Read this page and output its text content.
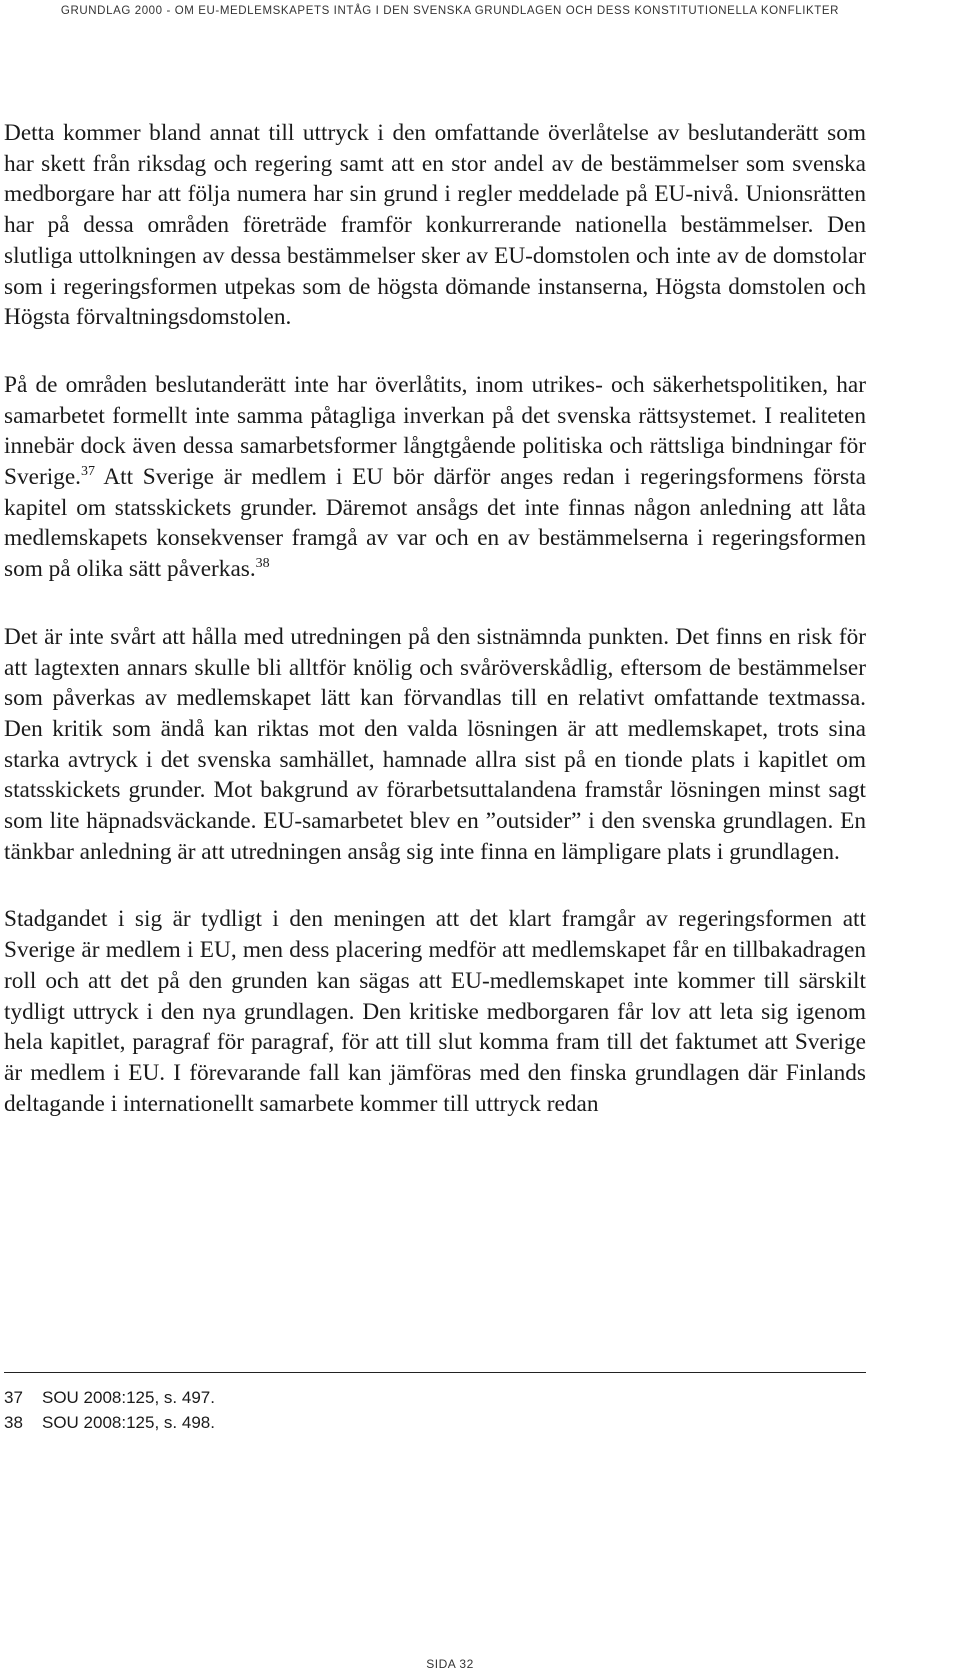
GRUNDLAG 2000 - OM EU-MEDLEMSKAPETS INTÅG I DEN SVENSKA GRUNDLAGEN OCH DESS KONSTITUTIONELLA KONFLIKTER

Detta kommer bland annat till uttryck i den omfattande överlåtelse av beslutanderätt som har skett från riksdag och regering samt att en stor andel av de bestämmelser som svenska medborgare har att följa numera har sin grund i regler meddelade på EU-nivå. Unionsrätten har på dessa områden företräde framför konkurrerande nationella bestämmelser. Den slutliga uttolkningen av dessa bestämmelser sker av EU-domstolen och inte av de domstolar som i regeringsformen utpekas som de högsta dömande instanserna, Högsta domstolen och Högsta förvaltningsdomstolen.

På de områden beslutanderätt inte har överlåtits, inom utrikes- och säkerhetspolitiken, har samarbetet formellt inte samma påtagliga inverkan på det svenska rättsystemet. I realiteten innebär dock även dessa samarbetsformer långtgående politiska och rättsliga bindningar för Sverige.$^{37}$ Att Sverige är medlem i EU bör därför anges redan i regeringsformens första kapitel om statsskickets grunder. Däremot ansågs det inte finnas någon anledning att låta medlemskapets konsekvenser framgå av var och en av bestämmelserna i regeringsformen som på olika sätt påverkas.$^{38}$

Det är inte svårt att hålla med utredningen på den sistnämnda punkten. Det finns en risk för att lagtexten annars skulle bli alltför knölig och svåröverskådlig, eftersom de bestämmelser som påverkas av medlemskapet lätt kan förvandlas till en relativt omfattande textmassa. Den kritik som ändå kan riktas mot den valda lösningen är att medlemskapet, trots sina starka avtryck i det svenska samhället, hamnade allra sist på en tionde plats i kapitlet om statsskickets grunder. Mot bakgrund av förarbetsuttalandena framstår lösningen minst sagt som lite häpnadsväckande. EU-samarbetet blev en ”outsider” i den svenska grundlagen. En tänkbar anledning är att utredningen ansåg sig inte finna en lämpligare plats i grundlagen.

Stadgandet i sig är tydligt i den meningen att det klart framgår av regeringsformen att Sverige är medlem i EU, men dess placering medför att medlemskapet får en tillbakadragen roll och att det på den grunden kan sägas att EU-medlemskapet inte kommer till särskilt tydligt uttryck i den nya grundlagen. Den kritiske medborgaren får lov att leta sig igenom hela kapitlet, paragraf för paragraf, för att till slut komma fram till det faktumet att Sverige är medlem i EU. I förevarande fall kan jämföras med den finska grundlagen där Finlands deltagande i internationellt samarbete kommer till uttryck redan

37 SOU 2008:125, s. 497.
38 SOU 2008:125, s. 498.
SIDA 32
